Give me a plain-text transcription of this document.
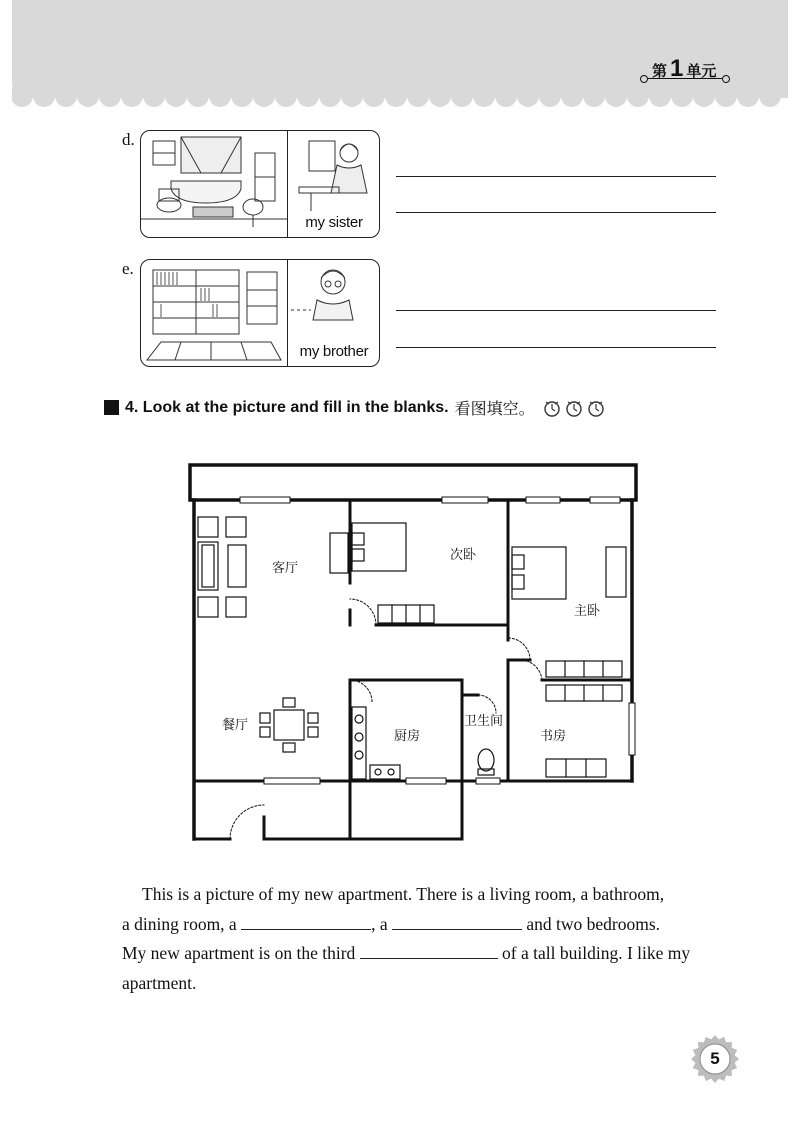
第 1 单元
d.
my sister
e.
my brother
4. Look at the picture and fill in the blanks. 看图填空。
客厅
次卧
主卧
餐厅
厨房
卫生间
书房
This is a picture of my new apartment. There is a living room, a bathroom,
a dining room, a	, a	and two bedrooms.
My new apartment is on the third	of a tall building. I like my
apartment.
5
